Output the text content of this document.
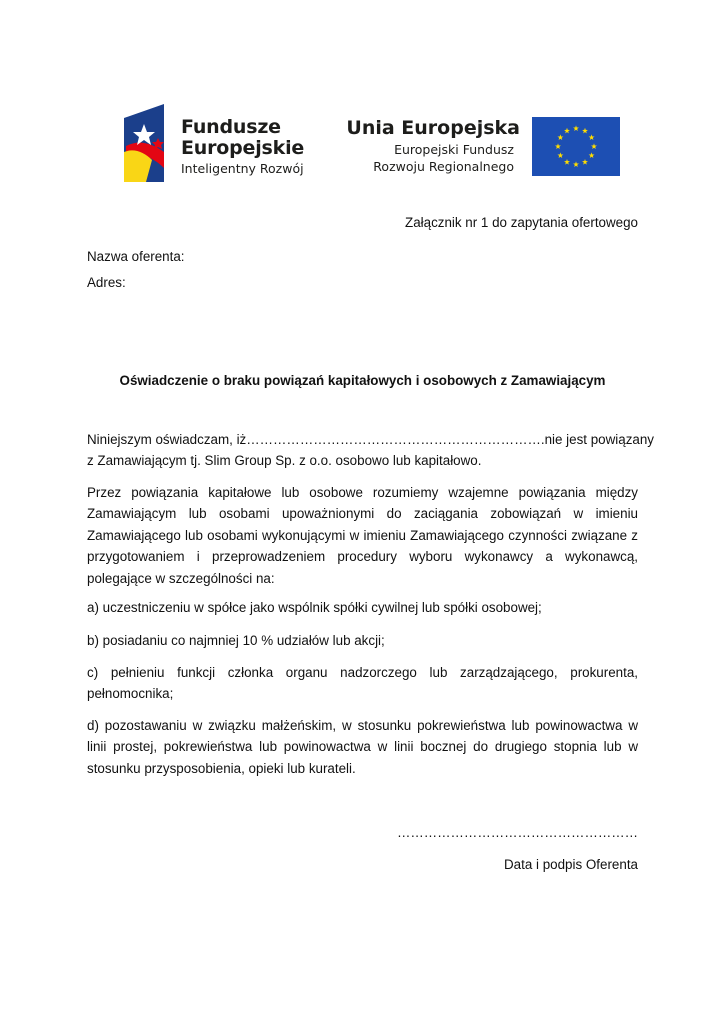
Fundusze
Europejskie
Inteligentny Rozwój
Unia Europejska
Europejski Fundusz
Rozwoju Regionalnego
Załącznik nr 1 do zapytania ofertowego
Nazwa oferenta:
Adres:
Oświadczenie o braku powiązań kapitałowych i osobowych z Zamawiającym
Niniejszym oświadczam, iż …………………………………………………………. nie jest powiązany
z Zamawiającym tj. Slim Group Sp. z o.o. osobowo lub kapitałowo.
Przez powiązania kapitałowe lub osobowe rozumiemy wzajemne powiązania między Zamawiającym lub osobami upoważnionymi do zaciągania zobowiązań w imieniu Zamawiającego lub osobami wykonującymi w imieniu Zamawiającego czynności związane z przygotowaniem i przeprowadzeniem procedury wyboru wykonawcy a wykonawcą, polegające w szczególności na:
a) uczestniczeniu w spółce jako wspólnik spółki cywilnej lub spółki osobowej;
b) posiadaniu co najmniej 10 % udziałów lub akcji;
c) pełnieniu funkcji członka organu nadzorczego lub zarządzającego, prokurenta, pełnomocnika;
d) pozostawaniu w związku małżeńskim, w stosunku pokrewieństwa lub powinowactwa w linii prostej, pokrewieństwa lub powinowactwa w linii bocznej do drugiego stopnia lub w stosunku przysposobienia, opieki lub kurateli.
………………………………………………
Data i podpis Oferenta
